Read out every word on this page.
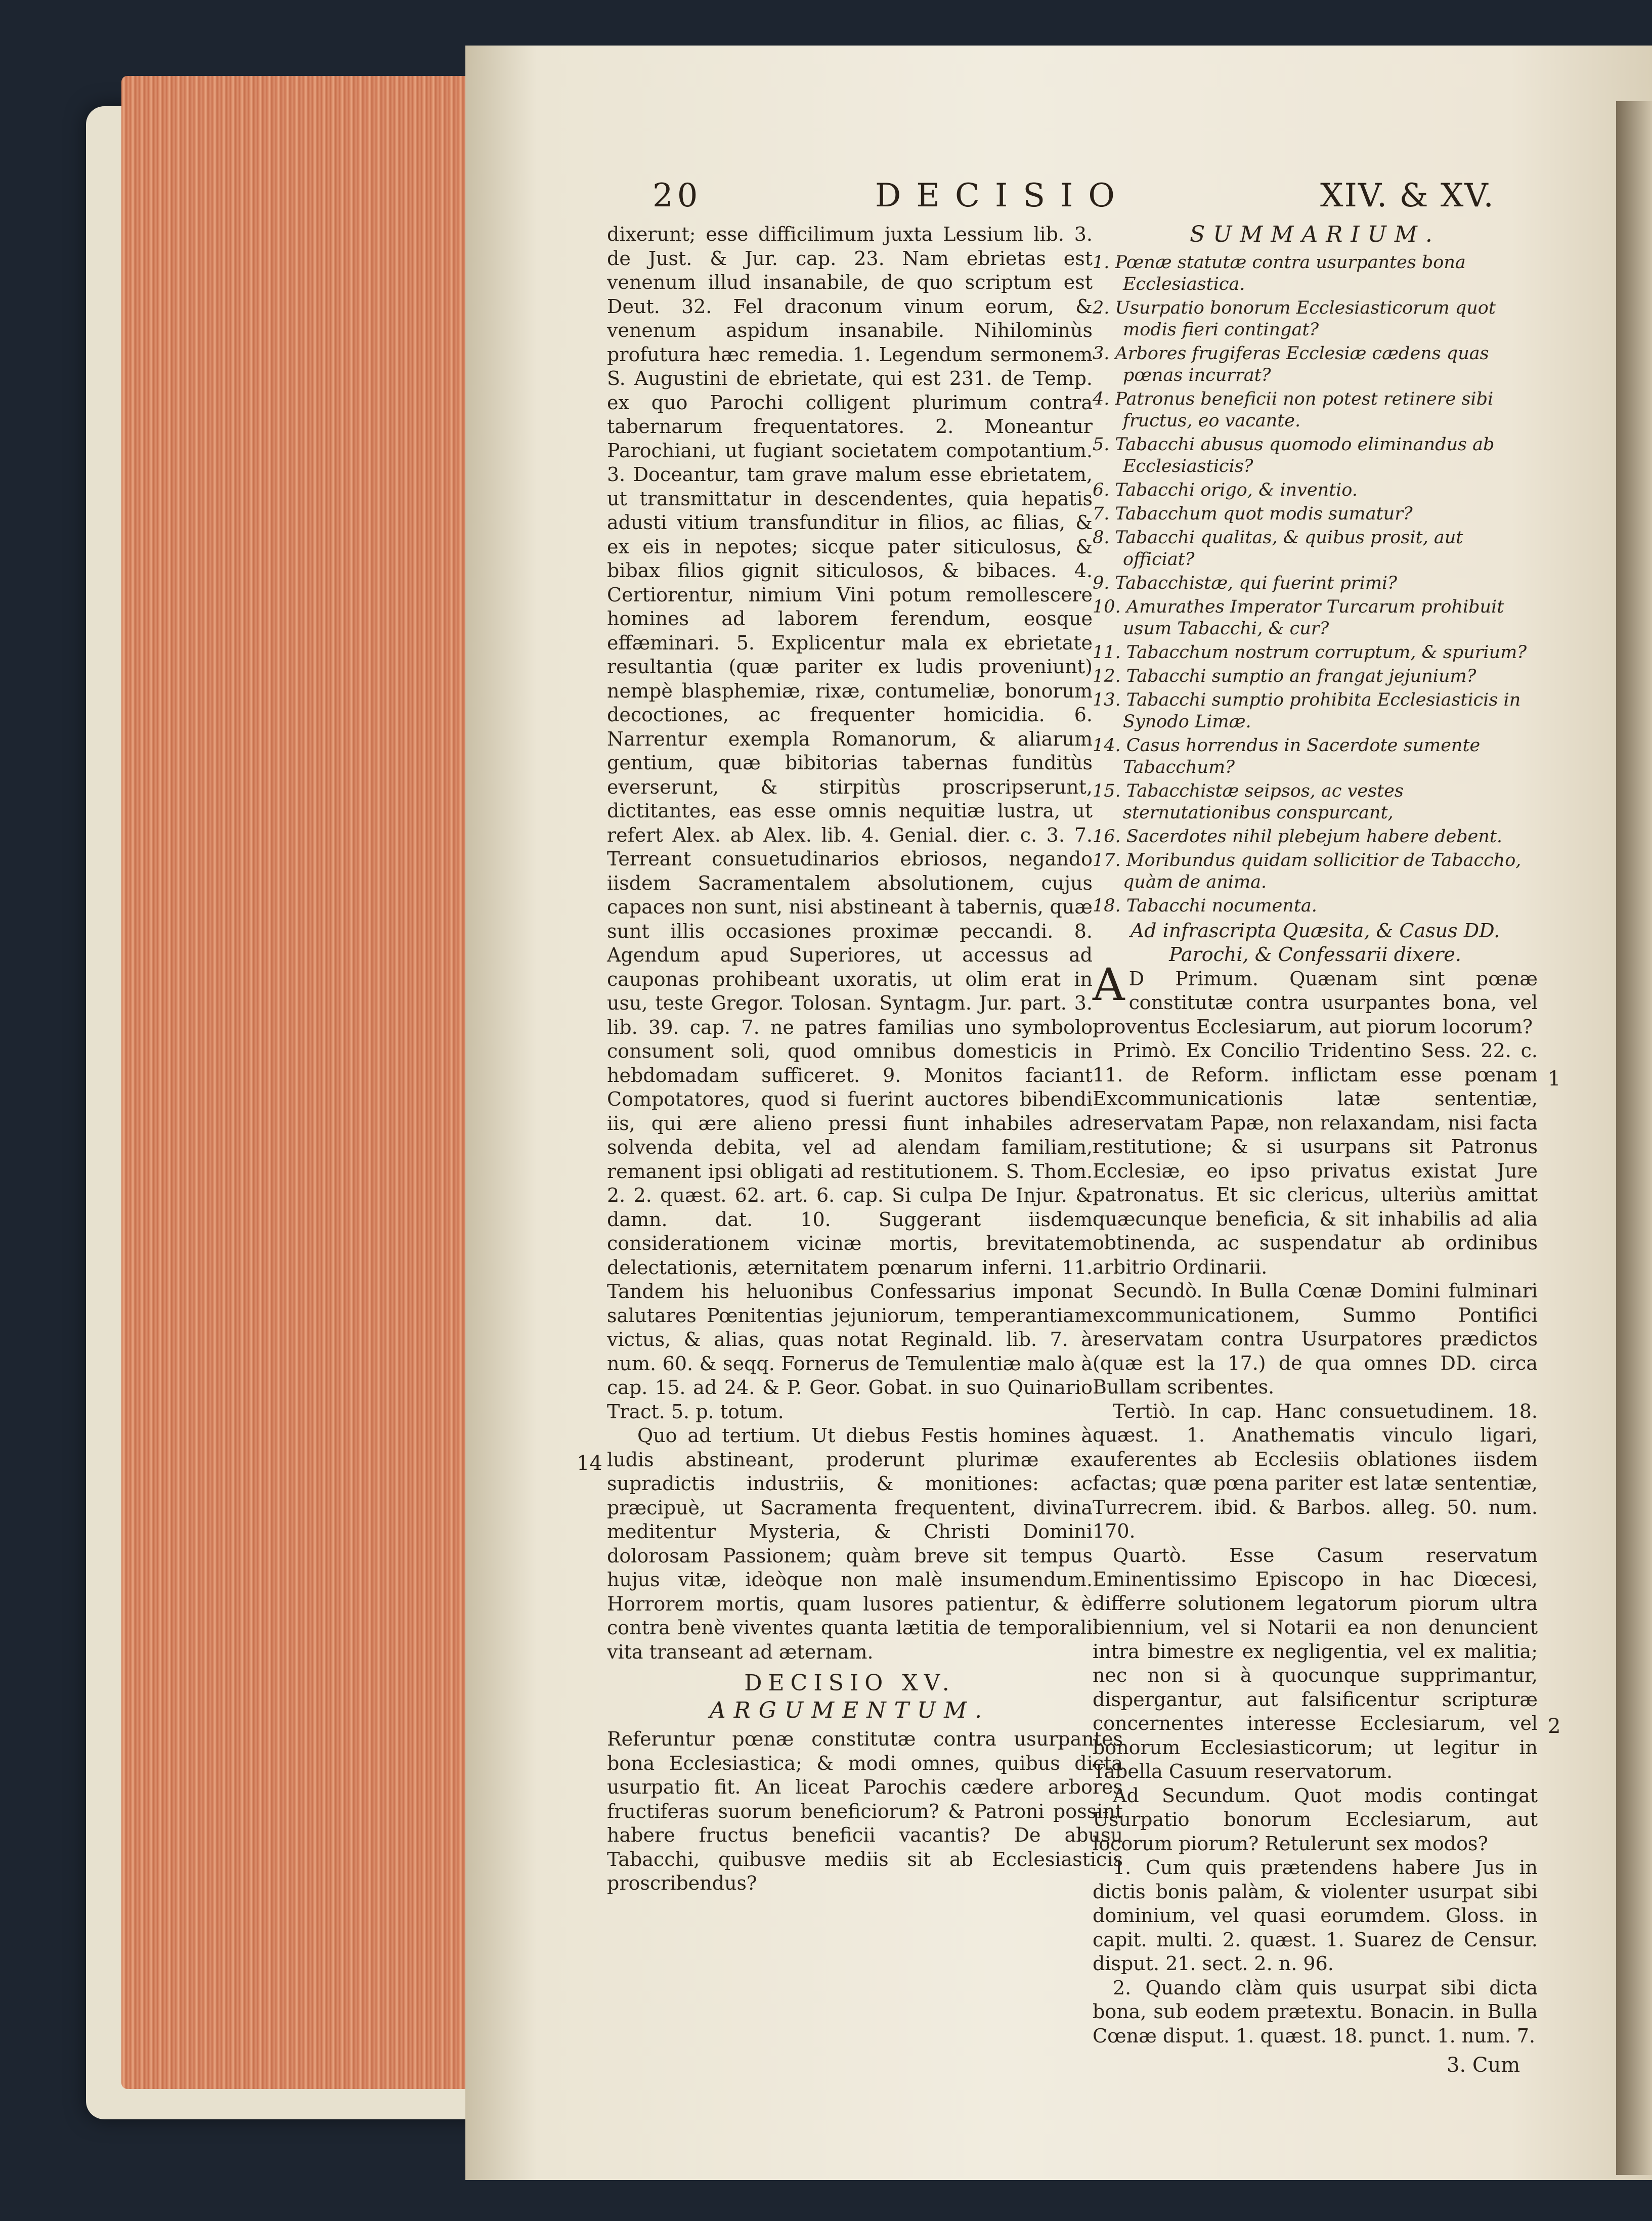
20	DECISIO	XIV. & XV.

dixerunt; esse difficilimum juxta Lessium lib. 3. de Just. & Jur. cap. 23. Nam ebrietas est venenum illud insanabile, de quo scriptum est Deut. 32. Fel draconum vinum eorum, & venenum aspidum insanabile. Nihilominùs profutura hæc remedia. 1. Legendum sermonem S. Augustini de ebrietate, qui est 231. de Temp. ex quo Parochi colligent plurimum contra tabernarum frequentatores. 2. Moneantur Parochiani, ut fugiant societatem compotantium. 3. Doceantur, tam grave malum esse ebrietatem, ut transmittatur in descendentes, quia hepatis adusti vitium transfunditur in filios, ac filias, & ex eis in nepotes; sicque pater siticulosus, & bibax filios gignit siticulosos, & bibaces. 4. Certiorentur, nimium Vini potum remollescere homines ad laborem ferendum, eosque effæminari. 5. Explicentur mala ex ebrietate resultantia (quæ pariter ex ludis proveniunt) nempè blasphemiæ, rixæ, contumeliæ, bonorum decoctiones, ac frequenter homicidia. 6. Narrentur exempla Romanorum, & aliarum gentium, quæ bibitorias tabernas funditùs everserunt, & stirpitùs proscripserunt, dictitantes, eas esse omnis nequitiæ lustra, ut refert Alex. ab Alex. lib. 4. Genial. dier. c. 3. 7. Terreant consuetudinarios ebriosos, negando iisdem Sacramentalem absolutionem, cujus capaces non sunt, nisi abstineant à tabernis, quæ sunt illis occasiones proximæ peccandi. 8. Agendum apud Superiores, ut accessus ad cauponas prohibeant uxoratis, ut olim erat in usu, teste Gregor. Tolosan. Syntagm. Jur. part. 3. lib. 39. cap. 7. ne patres familias uno symbolo consument soli, quod omnibus domesticis in hebdomadam sufficeret. 9. Monitos faciant Compotatores, quod si fuerint auctores bibendi iis, qui ære alieno pressi fiunt inhabiles ad solvenda debita, vel ad alendam familiam, remanent ipsi obligati ad restitutionem. S. Thom. 2. 2. quæst. 62. art. 6. cap. Si culpa De Injur. & damn. dat. 10. Suggerant iisdem considerationem vicinæ mortis, brevitatem delectationis, æternitatem pœnarum inferni. 11. Tandem his heluonibus Confessarius imponat salutares Pœnitentias jejuniorum, temperantiam victus, & alias, quas notat Reginald. lib. 7. à num. 60. & seqq. Fornerus de Temulentiæ malo à cap. 15. ad 24. & P. Geor. Gobat. in suo Quinario Tract. 5. p. totum.

Quo ad tertium. Ut diebus Festis homines à ludis abstineant, proderunt plurimæ ex supradictis industriis, & monitiones: ac præcipuè, ut Sacramenta frequentent, divina meditentur Mysteria, & Christi Domini dolorosam Passionem; quàm breve sit tempus hujus vitæ, ideòque non malè insumendum. Horrorem mortis, quam lusores patientur, & è contra benè viventes quanta lætitia de temporali vita transeant ad æternam.

DECISIO XV.
ARGUMENTUM.

Referuntur pœnæ constitutæ contra usurpantes bona Ecclesiastica; & modi omnes, quibus dicta usurpatio fit. An liceat Parochis cædere arbores fructiferas suorum beneficiorum? & Patroni possint habere fructus beneficii vacantis? De abusu Tabacchi, quibusve mediis sit ab Ecclesiasticis proscribendus?

14
SUMMARIUM.
1. Pœnæ statutæ contra usurpantes bona Ecclesiastica.
2. Usurpatio bonorum Ecclesiasticorum quot modis fieri contingat?
3. Arbores frugiferas Ecclesiæ cædens quas pœnas incurrat?
4. Patronus beneficii non potest retinere sibi fructus, eo vacante.
5. Tabacchi abusus quomodo eliminandus ab Ecclesiasticis?
6. Tabacchi origo, & inventio.
7. Tabacchum quot modis sumatur?
8. Tabacchi qualitas, & quibus prosit, aut officiat?
9. Tabacchistæ, qui fuerint primi?
10. Amurathes Imperator Turcarum prohibuit usum Tabacchi, & cur?
11. Tabacchum nostrum corruptum, & spurium?
12. Tabacchi sumptio an frangat jejunium?
13. Tabacchi sumptio prohibita Ecclesiasticis in Synodo Limæ.
14. Casus horrendus in Sacerdote sumente Tabacchum?
15. Tabacchistæ seipsos, ac vestes sternutationibus conspurcant,
16. Sacerdotes nihil plebejum habere debent.
17. Moribundus quidam sollicitior de Tabaccho, quàm de anima.
18. Tabacchi nocumenta.

Ad infrascripta Quæsita, & Casus DD. Parochi, & Confessarii dixere.

A D Primum. Quænam sint pœnæ constitutæ contra usurpantes bona, vel proventus Ecclesiarum, aut piorum locorum?

Primò. Ex Concilio Tridentino Sess. 22. c. 11. de Reform. inflictam esse pœnam Excommunicationis latæ sententiæ, reservatam Papæ, non relaxandam, nisi facta restitutione; & si usurpans sit Patronus Ecclesiæ, eo ipso privatus existat Jure patronatus. Et sic clericus, ulteriùs amittat quæcunque beneficia, & sit inhabilis ad alia obtinenda, ac suspendatur ab ordinibus arbitrio Ordinarii.

Secundò. In Bulla Cœnæ Domini fulminari excommunicationem, Summo Pontifici reservatam contra Usurpatores prædictos (quæ est la 17.) de qua omnes DD. circa Bullam scribentes.

Tertiò. In cap. Hanc consuetudinem. 18. quæst. 1. Anathematis vinculo ligari, auferentes ab Ecclesiis oblationes iisdem factas; quæ pœna pariter est latæ sententiæ, Turrecrem. ibid. & Barbos. alleg. 50. num. 170.

Quartò. Esse Casum reservatum Eminentissimo Episcopo in hac Diœcesi, differre solutionem legatorum piorum ultra biennium, vel si Notarii ea non denuncient intra bimestre ex negligentia, vel ex malitia; nec non si à quocunque supprimantur, dispergantur, aut falsificentur scripturæ concernentes interesse Ecclesiarum, vel bonorum Ecclesiasticorum; ut legitur in Tabella Casuum reservatorum.

Ad Secundum. Quot modis contingat Usurpatio bonorum Ecclesiarum, aut locorum piorum? Retulerunt sex modos?

1. Cum quis prætendens habere Jus in dictis bonis palàm, & violenter usurpat sibi dominium, vel quasi eorumdem. Gloss. in capit. multi. 2. quæst. 1. Suarez de Censur. disput. 21. sect. 2. n. 96.

2. Quando clàm quis usurpat sibi dicta bona, sub eodem prætextu. Bonacin. in Bulla Cœnæ disput. 1. quæst. 18. punct. 1. num. 7.

1
2
3. Cum
